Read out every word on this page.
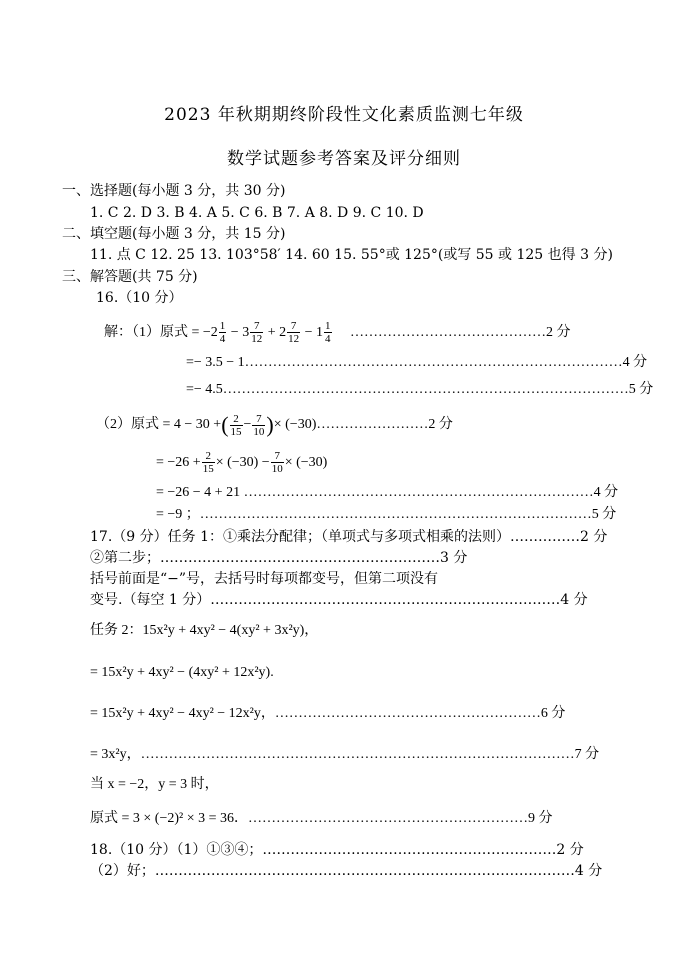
2023 年秋期期终阶段性文化素质监测七年级
数学试题参考答案及评分细则
一、选择题(每小题 3 分，共 30 分)
1. C 2. D 3. B 4. A 5. C 6. B 7. A 8. D 9. C 10. D
二、填空题(每小题 3 分，共 15 分)
11. 点 C 12. 25 13. 103°58′ 14. 60 15. 55°或 125°(或写 55 或 125 也得 3 分)
三、解答题(共 75 分)
16.（10 分）
解：（1）原式 = $-2 \frac{1}{4} - 3 \frac{7}{12} + 2 \frac{7}{12} - 1 \frac{1}{4}$ ……………………………………2 分
=− 3.5 − 1………………………………………………………………………4 分
=− 4.5……………………………………………………………………………5 分
（2）原式 = 4 − 30 +( $\frac{2}{15} - \frac{7}{10}$ )× (−30)……………………2 分
= $-26 + \frac{2}{15} \times (-30) - \frac{7}{10} \times (-30)$
= −26 − 4 + 21 …………………………………………………………………4 分
= −9 ；…………………………………………………………………………5 分
17.（9 分）任务 1：①乘法分配律；（单项式与多项式相乘的法则）……………2 分
②第二步；……………………………………………………3 分
括号前面是“−”号，去括号时每项都变号，但第二项没有
变号.（每空 1 分）…………………………………………………………………4 分
任务 2：15x²y + 4xy² − 4(xy² + 3x²y)，
= 15x²y + 4xy² − (4xy² + 12x²y).
= 15x²y + 4xy² − 4xy² − 12x²y，…………………………………………………6 分
= 3x²y，…………………………………………………………………………………7 分
当 x = −2，y = 3 时，
原式 = 3 × (−2)² × 3 = 36．……………………………………………………9 分
18.（10 分）（1）①③④；………………………………………………………2 分
（2）好；………………………………………………………………………………4 分
